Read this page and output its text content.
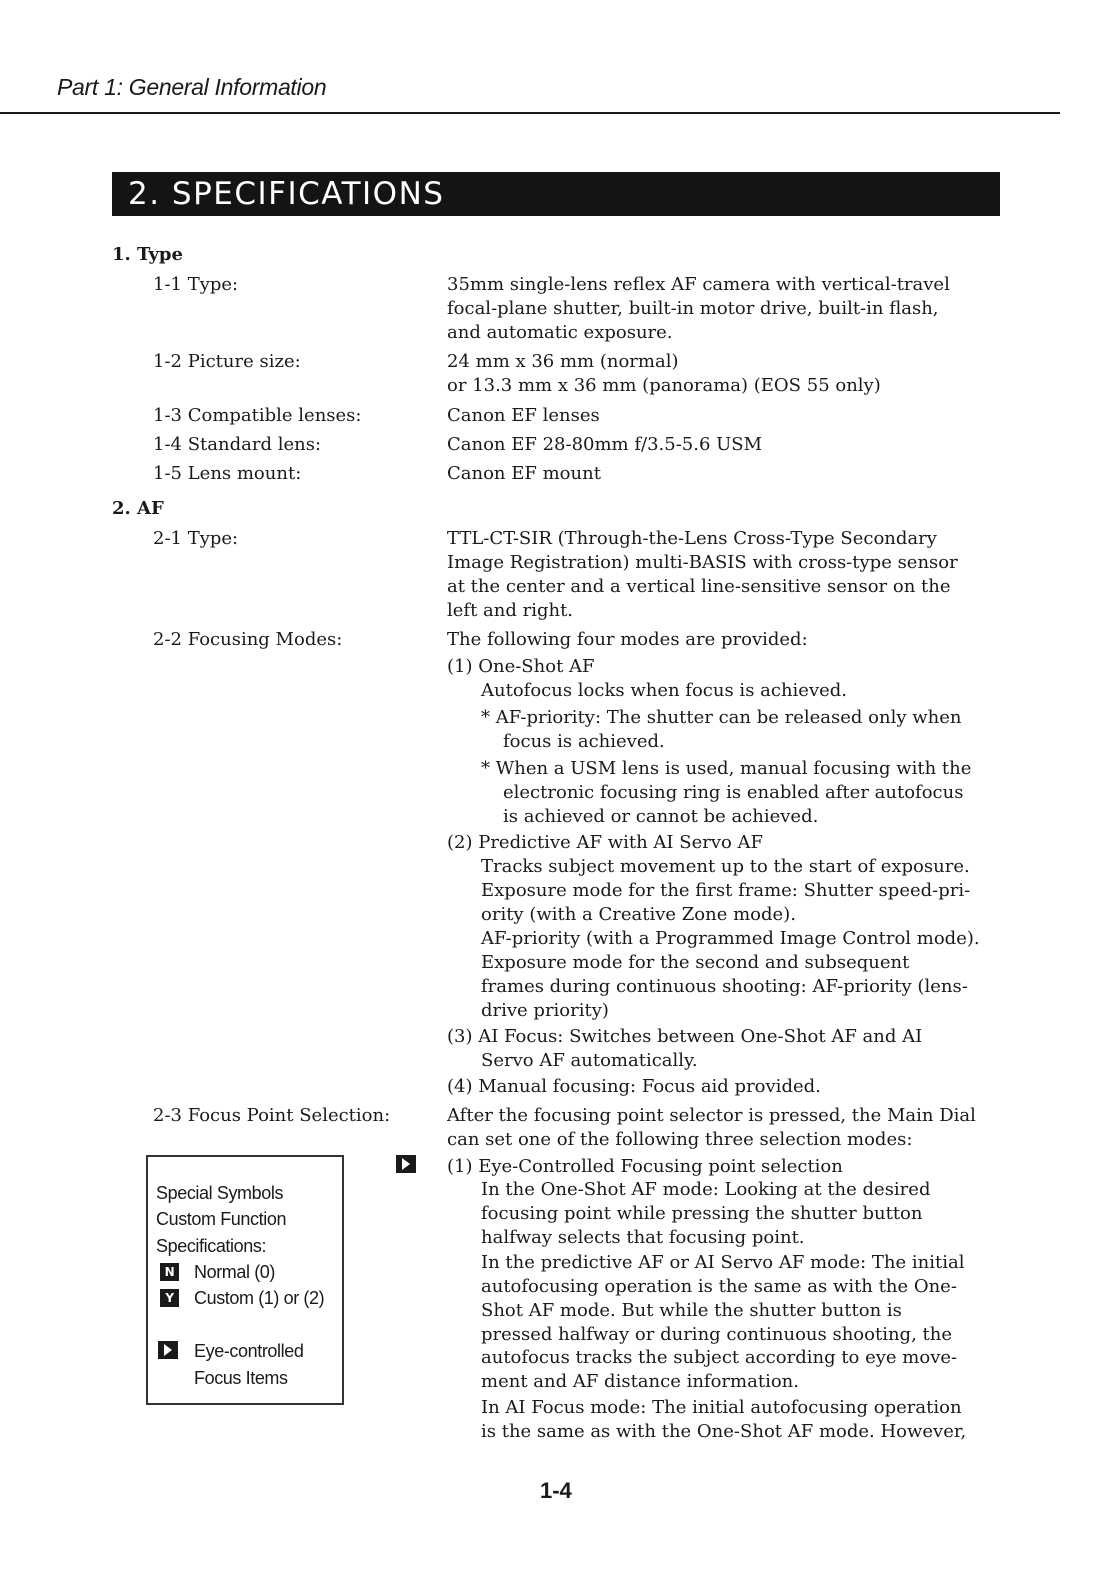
Part 1: General Information
2. SPECIFICATIONS
1. Type
1-1 Type:	35mm single-lens reflex AF camera with vertical-travel
focal-plane shutter, built-in motor drive, built-in flash,
and automatic exposure.
1-2 Picture size:	24 mm x 36 mm (normal)
or 13.3 mm x 36 mm (panorama) (EOS 55 only)
1-3 Compatible lenses:	Canon EF lenses
1-4 Standard lens:	Canon EF 28-80mm f/3.5-5.6 USM
1-5 Lens mount:	Canon EF mount
2. AF
2-1 Type:	TTL-CT-SIR (Through-the-Lens Cross-Type Secondary
Image Registration) multi-BASIS with cross-type sensor
at the center and a vertical line-sensitive sensor on the
left and right.
2-2 Focusing Modes:	The following four modes are provided:
(1) One-Shot AF
Autofocus locks when focus is achieved.
* AF-priority: The shutter can be released only when
focus is achieved.
* When a USM lens is used, manual focusing with the
electronic focusing ring is enabled after autofocus
is achieved or cannot be achieved.
(2) Predictive AF with AI Servo AF
Tracks subject movement up to the start of exposure.
Exposure mode for the first frame: Shutter speed-pri-
ority (with a Creative Zone mode).
AF-priority (with a Programmed Image Control mode).
Exposure mode for the second and subsequent
frames during continuous shooting: AF-priority (lens-
drive priority)
(3) AI Focus: Switches between One-Shot AF and AI
Servo AF automatically.
(4) Manual focusing: Focus aid provided.
2-3 Focus Point Selection:	After the focusing point selector is pressed, the Main Dial
can set one of the following three selection modes:
(1) Eye-Controlled Focusing point selection
In the One-Shot AF mode: Looking at the desired
focusing point while pressing the shutter button
halfway selects that focusing point.
In the predictive AF or AI Servo AF mode: The initial
autofocusing operation is the same as with the One-
Shot AF mode. But while the shutter button is
pressed halfway or during continuous shooting, the
autofocus tracks the subject according to eye move-
ment and AF distance information.
In AI Focus mode: The initial autofocusing operation
is the same as with the One-Shot AF mode. However,
Special Symbols
Custom Function
Specifications:
N Normal (0)
Y Custom (1) or (2)
Eye-controlled
Focus Items
1-4
